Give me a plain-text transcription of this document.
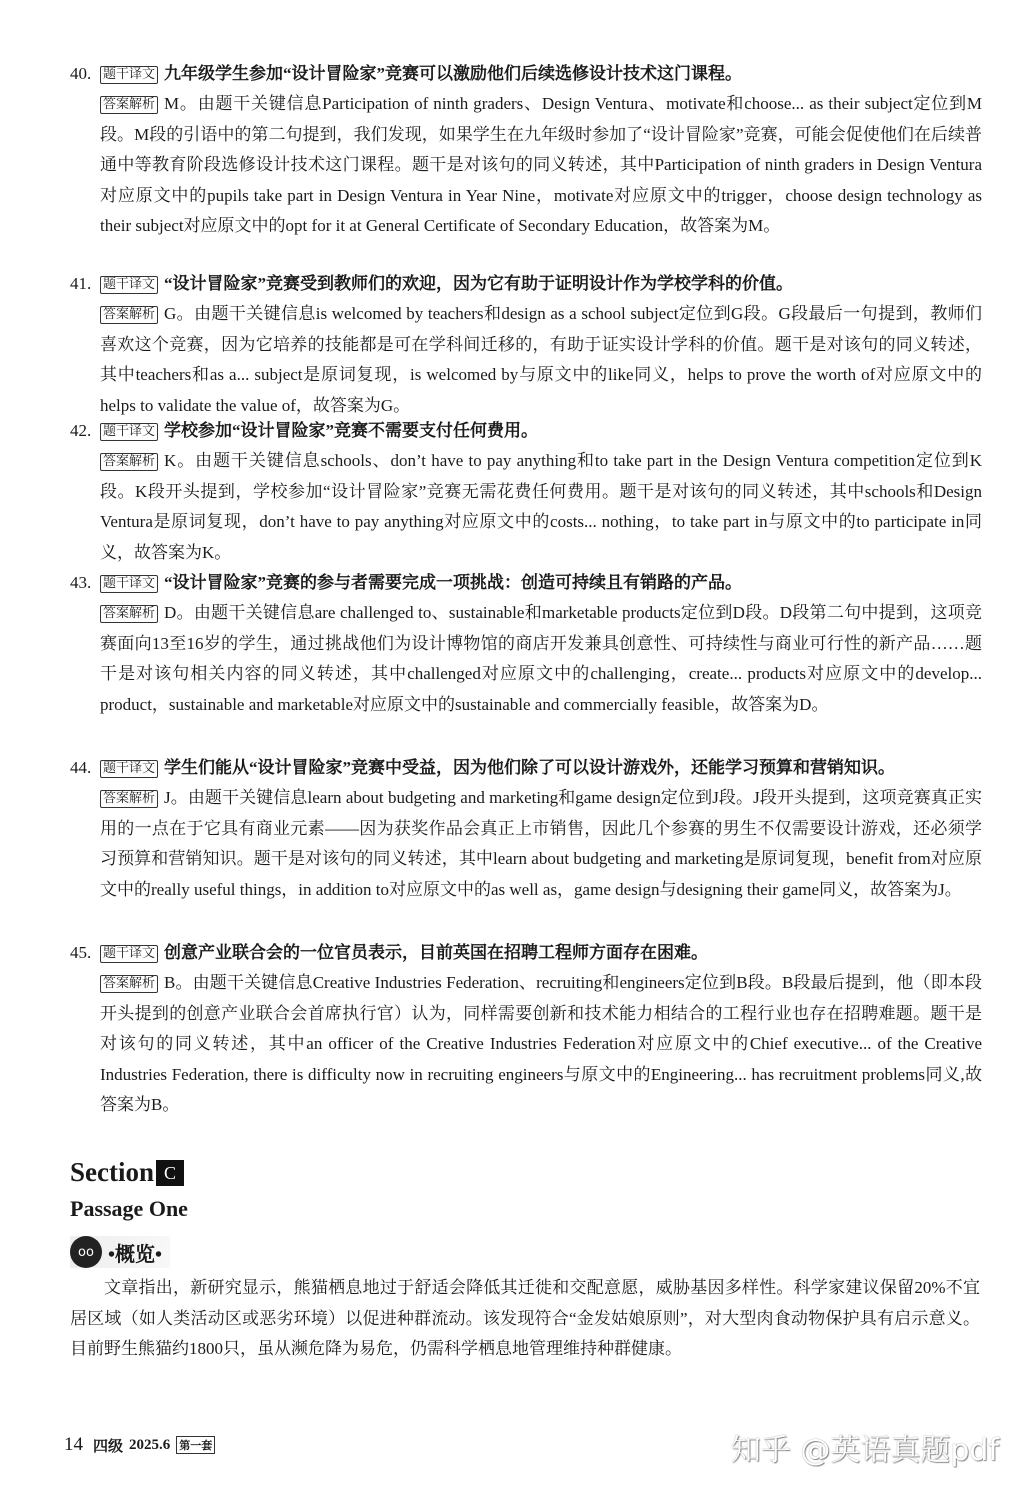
40. 题干译文 九年级学生参加“设计冒险家”竞赛可以激励他们后续选修设计技术这门课程。
答案解析 M。由题干关键信息Participation of ninth graders、Design Ventura、motivate和choose... as their subject定位到M段。M段的引语中的第二句提到，我们发现，如果学生在九年级时参加了“设计冒险家”竞赛，可能会促使他们在后续普通中等教育阶段选修设计技术这门课程。题干是对该句的同义转述，其中Participation of ninth graders in Design Ventura对应原文中的pupils take part in Design Ventura in Year Nine，motivate对应原文中的trigger，choose design technology as their subject对应原文中的opt for it at General Certificate of Secondary Education，故答案为M。
41. 题干译文 “设计冒险家”竞赛受到教师们的欢迎，因为它有助于证明设计作为学校学科的价值。
答案解析 G。由题干关键信息is welcomed by teachers和design as a school subject定位到G段。G段最后一句提到，教师们喜欢这个竞赛，因为它培养的技能都是可在学科间迁移的，有助于证实设计学科的价值。题干是对该句的同义转述，其中teachers和as a... subject是原词复现，is welcomed by与原文中的like同义，helps to prove the worth of对应原文中的helps to validate the value of，故答案为G。
42. 题干译文 学校参加“设计冒险家”竞赛不需要支付任何费用。
答案解析 K。由题干关键信息schools、don’t have to pay anything和to take part in the Design Ventura competition定位到K段。K段开头提到，学校参加“设计冒险家”竞赛无需花费任何费用。题干是对该句的同义转述，其中schools和Design Ventura是原词复现，don’t have to pay anything对应原文中的costs... nothing，to take part in与原文中的to participate in同义，故答案为K。
43. 题干译文 “设计冒险家”竞赛的参与者需要完成一项挑战：创造可持续且有销路的产品。
答案解析 D。由题干关键信息are challenged to、sustainable和marketable products定位到D段。D段第二句中提到，这项竞赛面向13至16岁的学生，通过挑战他们为设计博物馆的商店开发兼具创意性、可持续性与商业可行性的新产品……题干是对该句相关内容的同义转述，其中challenged对应原文中的challenging，create... products对应原文中的develop... product，sustainable and marketable对应原文中的sustainable and commercially feasible，故答案为D。
44. 题干译文 学生们能从“设计冒险家”竞赛中受益，因为他们除了可以设计游戏外，还能学习预算和营销知识。
答案解析 J。由题干关键信息learn about budgeting and marketing和game design定位到J段。J段开头提到，这项竞赛真正实用的一点在于它具有商业元素——因为获奖作品会真正上市销售，因此几个参赛的男生不仅需要设计游戏，还必须学习预算和营销知识。题干是对该句的同义转述，其中learn about budgeting and marketing是原词复现，benefit from对应原文中的really useful things，in addition to对应原文中的as well as，game design与designing their game同义，故答案为J。
45. 题干译文 创意产业联合会的一位官员表示，目前英国在招聘工程师方面存在困难。
答案解析 B。由题干关键信息Creative Industries Federation、recruiting和engineers定位到B段。B段最后提到，他（即本段开头提到的创意产业联合会首席执行官）认为，同样需要创新和技术能力相结合的工程行业也存在招聘难题。题干是对该句的同义转述，其中an officer of the Creative Industries Federation对应原文中的Chief executive... of the Creative Industries Federation, there is difficulty now in recruiting engineers与原文中的Engineering... has recruitment problems同义,故答案为B。
Section C
Passage One
oo •概览•
文章指出，新研究显示，熊猫栖息地过于舒适会降低其迁徙和交配意愿，威胁基因多样性。科学家建议保留20%不宜居区域（如人类活动区或恶劣环境）以促进种群流动。该发现符合“金发姑娘原则”，对大型肉食动物保护具有启示意义。目前野生熊猫约1800只，虽从濒危降为易危，仍需科学栖息地管理维持种群健康。
14 四级 2025.6 第一套	知乎 @英语真题pdf
